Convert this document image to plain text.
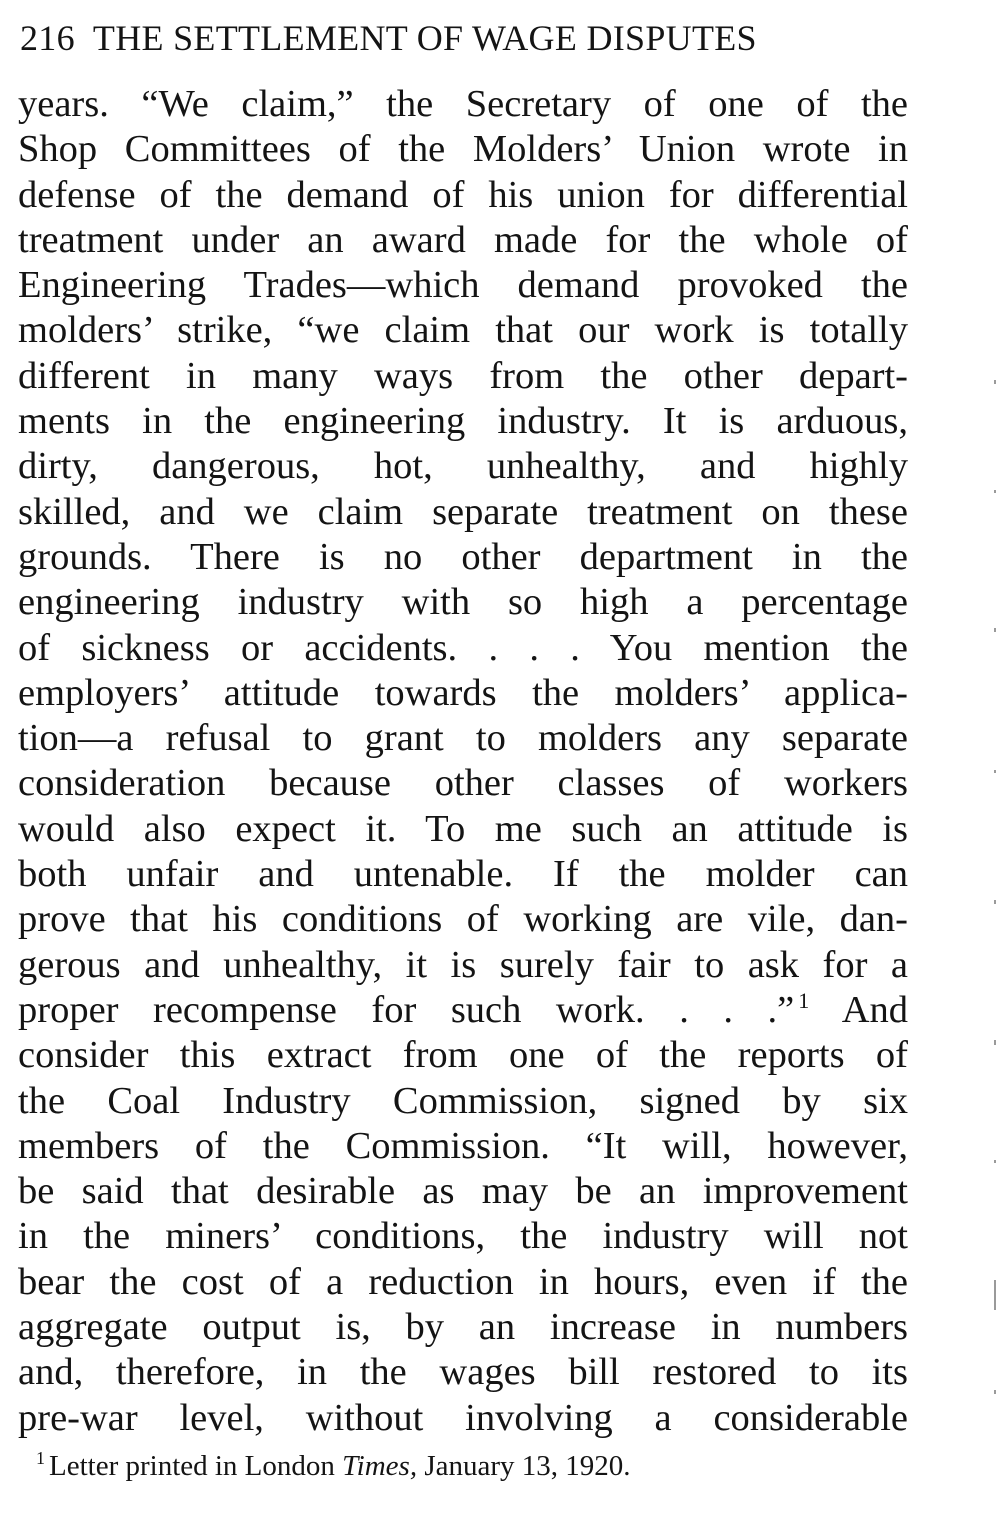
216 THE SETTLEMENT OF WAGE DISPUTES
years. “We claim,” the Secretary of one of the
Shop Committees of the Molders’ Union wrote in
defense of the demand of his union for differential
treatment under an award made for the whole of
Engineering Trades—which demand provoked the
molders’ strike, “we claim that our work is totally
different in many ways from the other depart-
ments in the engineering industry. It is arduous,
dirty, dangerous, hot, unhealthy, and highly
skilled, and we claim separate treatment on these
grounds. There is no other department in the
engineering industry with so high a percentage
of sickness or accidents. . . . You mention the
employers’ attitude towards the molders’ applica-
tion—a refusal to grant to molders any separate
consideration because other classes of workers
would also expect it. To me such an attitude is
both unfair and untenable. If the molder can
prove that his conditions of working are vile, dan-
gerous and unhealthy, it is surely fair to ask for a
proper recompense for such work. . . .” $^1$ And
consider this extract from one of the reports of
the Coal Industry Commission, signed by six
members of the Commission. “It will, however,
be said that desirable as may be an improvement
in the miners’ conditions, the industry will not
bear the cost of a reduction in hours, even if the
aggregate output is, by an increase in numbers
and, therefore, in the wages bill restored to its
pre-war level, without involving a considerable
$^1$ Letter printed in London Times, January 13, 1920.
